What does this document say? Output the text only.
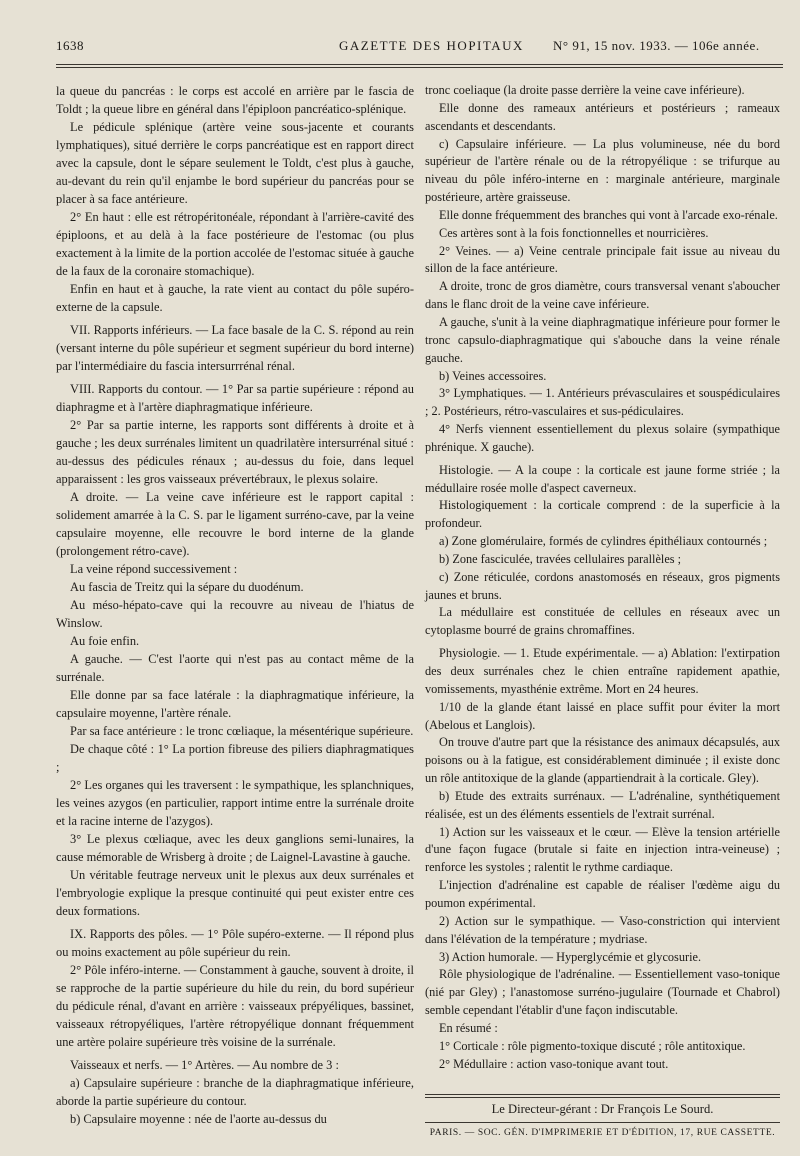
1638	GAZETTE DES HOPITAUX N° 91, 15 nov. 1933. — 106e année.

la queue du pancréas : le corps est accolé en arrière par le fascia de Toldt ; la queue libre en général dans l'épiploon pancréatico-splénique.

Le pédicule splénique (artère veine sous-jacente et courants lymphatiques), situé derrière le corps pancréatique est en rapport direct avec la capsule, dont le sépare seulement le Toldt, c'est plus à gauche, au-devant du rein qu'il enjambe le bord supérieur du pancréas pour se placer à sa face antérieure.

2° En haut : elle est rétropéritonéale, répondant à l'arrière-cavité des épiploons, et au delà à la face postérieure de l'estomac (ou plus exactement à la limite de la portion accolée de l'estomac située à gauche de la faux de la coronaire stomachique).

Enfin en haut et à gauche, la rate vient au contact du pôle supéro-externe de la capsule.

VII. Rapports inférieurs. — La face basale de la C. S. répond au rein (versant interne du pôle supérieur et segment supérieur du bord interne) par l'intermédiaire du fascia intersurrrénal rénal.

VIII. Rapports du contour. — 1° Par sa partie supérieure : répond au diaphragme et à l'artère diaphragmatique inférieure.

2° Par sa partie interne, les rapports sont différents à droite et à gauche ; les deux surrénales limitent un quadrilatère intersurrénal situé : au-dessus des pédicules rénaux ; au-dessus du foie, dans lequel apparaissent : les gros vaisseaux prévertébraux, le plexus solaire.

A droite. — La veine cave inférieure est le rapport capital : solidement amarrée à la C. S. par le ligament surréno-cave, par la veine capsulaire moyenne, elle recouvre le bord interne de la glande (prolongement rétro-cave).

La veine répond successivement :

Au fascia de Treitz qui la sépare du duodénum.

Au méso-hépato-cave qui la recouvre au niveau de l'hiatus de Winslow.

Au foie enfin.

A gauche. — C'est l'aorte qui n'est pas au contact même de la surrénale.

Elle donne par sa face latérale : la diaphragmatique inférieure, la capsulaire moyenne, l'artère rénale.

Par sa face antérieure : le tronc cœliaque, la mésentérique supérieure.

De chaque côté : 1° La portion fibreuse des piliers diaphragmatiques ;

2° Les organes qui les traversent : le sympathique, les splanchniques, les veines azygos (en particulier, rapport intime entre la surrénale droite et la racine interne de l'azygos).

3° Le plexus cœliaque, avec les deux ganglions semi-lunaires, la cause mémorable de Wrisberg à droite ; de Laignel-Lavastine à gauche.

Un véritable feutrage nerveux unit le plexus aux deux surrénales et l'embryologie explique la presque continuité qui peut exister entre ces deux formations.

IX. Rapports des pôles. — 1° Pôle supéro-externe. — Il répond plus ou moins exactement au pôle supérieur du rein.

2° Pôle inféro-interne. — Constamment à gauche, souvent à droite, il se rapproche de la partie supérieure du hile du rein, du bord supérieur du pédicule rénal, d'avant en arrière : vaisseaux prépyéliques, bassinet, vaisseaux rétropyéliques, l'artère rétropyélique donnant fréquemment une artère polaire supérieure très voisine de la surrénale.

Vaisseaux et nerfs. — 1° Artères. — Au nombre de 3 :

a) Capsulaire supérieure : branche de la diaphragmatique inférieure, aborde la partie supérieure du contour.

b) Capsulaire moyenne : née de l'aorte au-dessus du

tronc coeliaque (la droite passe derrière la veine cave inférieure).

Elle donne des rameaux antérieurs et postérieurs ; rameaux ascendants et descendants.

c) Capsulaire inférieure. — La plus volumineuse, née du bord supérieur de l'artère rénale ou de la rétropyélique : se trifurque au niveau du pôle inféro-interne en : marginale antérieure, marginale postérieure, artère graisseuse.

Elle donne fréquemment des branches qui vont à l'arcade exo-rénale.

Ces artères sont à la fois fonctionnelles et nourricières.

2° Veines. — a) Veine centrale principale fait issue au niveau du sillon de la face antérieure.

A droite, tronc de gros diamètre, cours transversal venant s'aboucher dans le flanc droit de la veine cave inférieure.

A gauche, s'unit à la veine diaphragmatique inférieure pour former le tronc capsulo-diaphragmatique qui s'abouche dans la veine rénale gauche.

b) Veines accessoires.

3° Lymphatiques. — 1. Antérieurs prévasculaires et souspédiculaires ; 2. Postérieurs, rétro-vasculaires et sus-pédiculaires.

4° Nerfs viennent essentiellement du plexus solaire (sympathique phrénique. X gauche).

Histologie. — A la coupe : la corticale est jaune forme striée ; la médullaire rosée molle d'aspect caverneux.

Histologiquement : la corticale comprend : de la superficie à la profondeur.

a) Zone glomérulaire, formés de cylindres épithéliaux contournés ;

b) Zone fasciculée, travées cellulaires parallèles ;

c) Zone réticulée, cordons anastomosés en réseaux, gros pigments jaunes et bruns.

La médullaire est constituée de cellules en réseaux avec un cytoplasme bourré de grains chromaffines.

Physiologie. — 1. Etude expérimentale. — a) Ablation: l'extirpation des deux surrénales chez le chien entraîne rapidement apathie, vomissements, myasthénie extrême. Mort en 24 heures.

1/10 de la glande étant laissé en place suffit pour éviter la mort (Abelous et Langlois).

On trouve d'autre part que la résistance des animaux décapsulés, aux poisons ou à la fatigue, est considérablement diminuée ; il existe donc un rôle antitoxique de la glande (appartiendrait à la corticale. Gley).

b) Etude des extraits surrénaux. — L'adrénaline, synthétiquement réalisée, est un des éléments essentiels de l'extrait surrénal.

1) Action sur les vaisseaux et le cœur. — Elève la tension artérielle d'une façon fugace (brutale si faite en injection intra-veineuse) ; renforce les systoles ; ralentit le rythme cardiaque.

L'injection d'adrénaline est capable de réaliser l'œdème aigu du poumon expérimental.

2) Action sur le sympathique. — Vaso-constriction qui intervient dans l'élévation de la température ; mydriase.

3) Action humorale. — Hyperglycémie et glycosurie.

Rôle physiologique de l'adrénaline. — Essentiellement vaso-tonique (nié par Gley) ; l'anastomose surréno-jugulaire (Tournade et Chabrol) semble cependant l'établir d'une façon indiscutable.

En résumé :

1° Corticale : rôle pigmento-toxique discuté ; rôle antitoxique.

2° Médullaire : action vaso-tonique avant tout.

Le Directeur-gérant : Dr François Le Sourd.
PARIS. — SOC. GÉN. D'IMPRIMERIE ET D'ÉDITION, 17, RUE CASSETTE.
